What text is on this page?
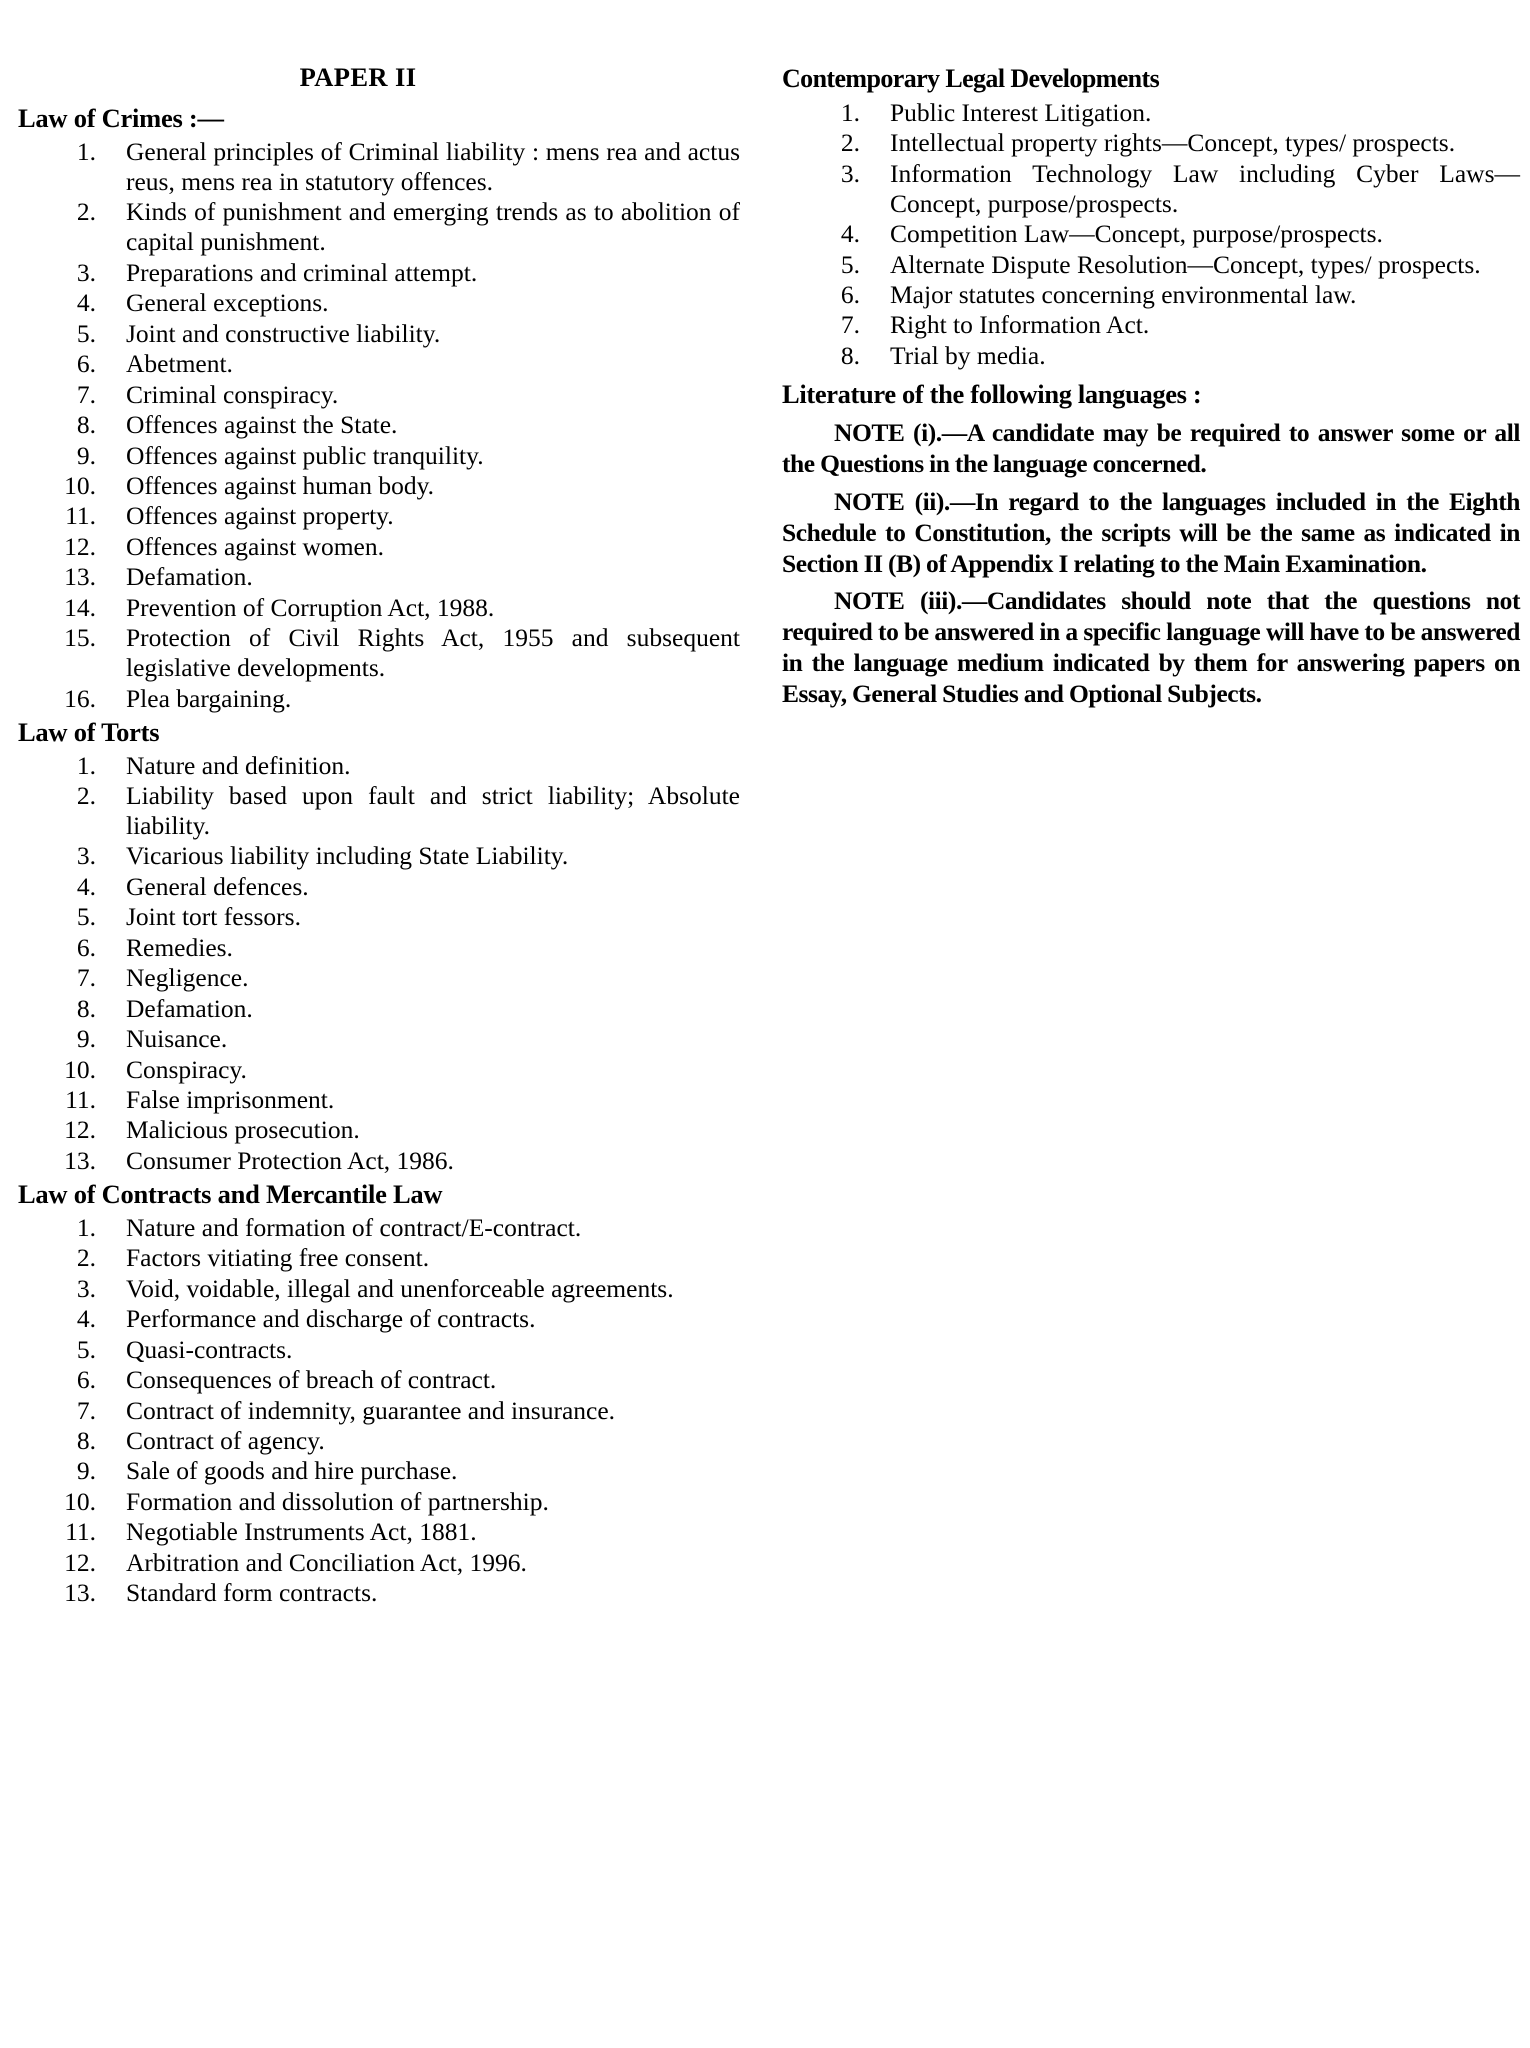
PAPER II
Law of Crimes :—
1. General principles of Criminal liability : mens rea and actus reus, mens rea in statutory offences.
2. Kinds of punishment and emerging trends as to abolition of capital punishment.
3. Preparations and criminal attempt.
4. General exceptions.
5. Joint and constructive liability.
6. Abetment.
7. Criminal conspiracy.
8. Offences against the State.
9. Offences against public tranquility.
10. Offences against human body.
11. Offences against property.
12. Offences against women.
13. Defamation.
14. Prevention of Corruption Act, 1988.
15. Protection of Civil Rights Act, 1955 and subsequent legislative developments.
16. Plea bargaining.
Law of Torts
1. Nature and definition.
2. Liability based upon fault and strict liability; Absolute liability.
3. Vicarious liability including State Liability.
4. General defences.
5. Joint tort fessors.
6. Remedies.
7. Negligence.
8. Defamation.
9. Nuisance.
10. Conspiracy.
11. False imprisonment.
12. Malicious prosecution.
13. Consumer Protection Act, 1986.
Law of Contracts and Mercantile Law
1. Nature and formation of contract/E-contract.
2. Factors vitiating free consent.
3. Void, voidable, illegal and unenforceable agreements.
4. Performance and discharge of contracts.
5. Quasi-contracts.
6. Consequences of breach of contract.
7. Contract of indemnity, guarantee and insurance.
8. Contract of agency.
9. Sale of goods and hire purchase.
10. Formation and dissolution of partnership.
11. Negotiable Instruments Act, 1881.
12. Arbitration and Conciliation Act, 1996.
13. Standard form contracts.
Contemporary Legal Developments
1. Public Interest Litigation.
2. Intellectual property rights—Concept, types/ prospects.
3. Information Technology Law including Cyber Laws—Concept, purpose/prospects.
4. Competition Law—Concept, purpose/prospects.
5. Alternate Dispute Resolution—Concept, types/ prospects.
6. Major statutes concerning environmental law.
7. Right to Information Act.
8. Trial by media.
Literature of the following languages :

NOTE (i).—A candidate may be required to answer some or all the Questions in the language concerned.

NOTE (ii).—In regard to the languages included in the Eighth Schedule to Constitution, the scripts will be the same as indicated in Section II (B) of Appendix I relating to the Main Examination.

NOTE (iii).—Candidates should note that the questions not required to be answered in a specific language will have to be answered in the language medium indicated by them for answering papers on Essay, General Studies and Optional Subjects.
